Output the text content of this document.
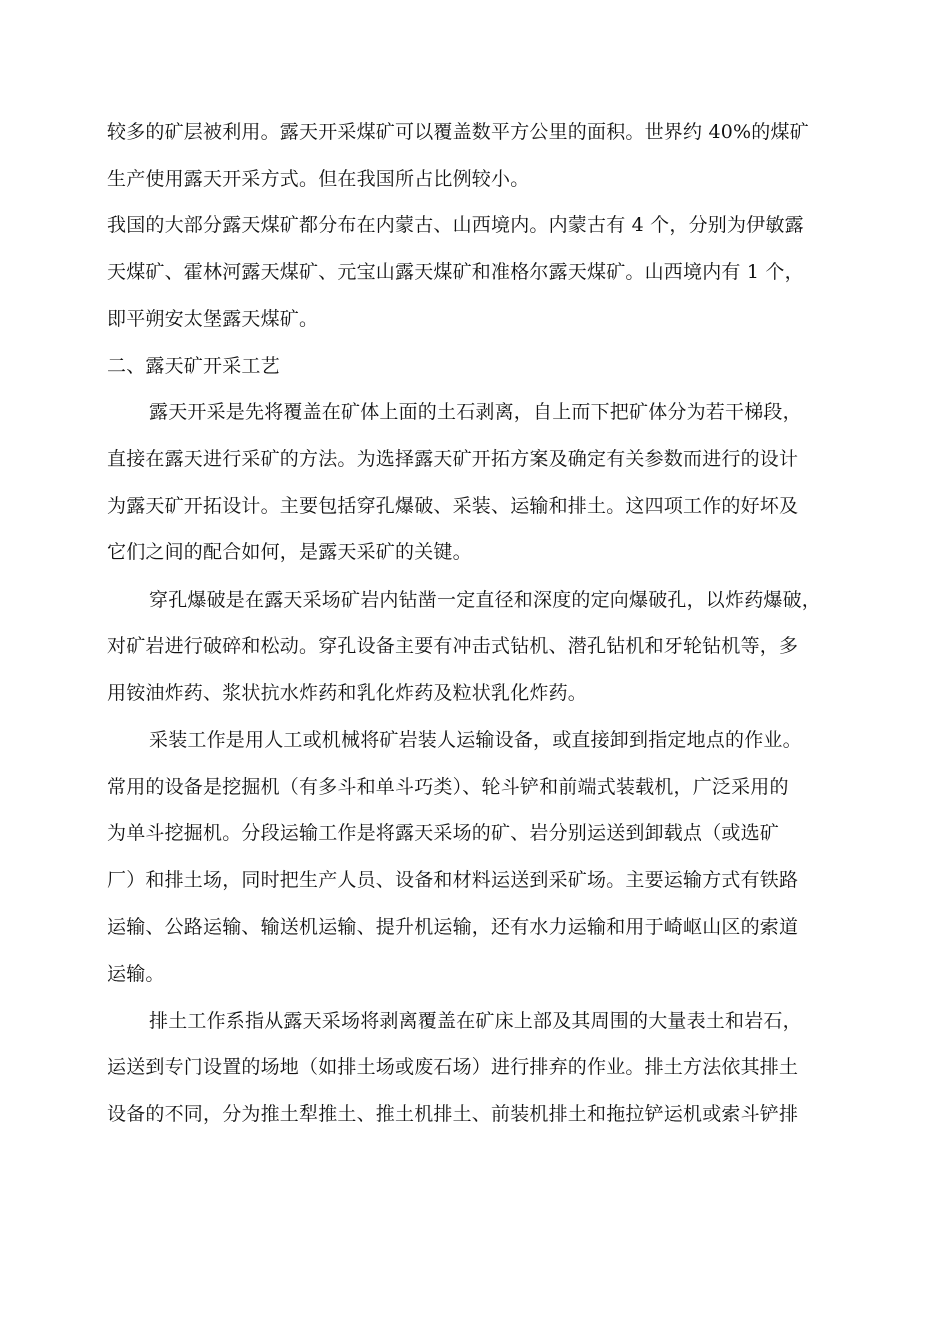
较多的矿层被利用。露天开采煤矿可以覆盖数平方公里的面积。世界约 40%的煤矿
生产使用露天开采方式。但在我国所占比例较小。
我国的大部分露天煤矿都分布在内蒙古、山西境内。内蒙古有 4 个，分别为伊敏露
天煤矿、霍林河露天煤矿、元宝山露天煤矿和准格尔露天煤矿。山西境内有 1 个，
即平朔安太堡露天煤矿。
二、露天矿开采工艺
露天开采是先将覆盖在矿体上面的土石剥离，自上而下把矿体分为若干梯段，
直接在露天进行采矿的方法。为选择露天矿开拓方案及确定有关参数而进行的设计
为露天矿开拓设计。主要包括穿孔爆破、采装、运输和排土。这四项工作的好坏及
它们之间的配合如何，是露天采矿的关键。
穿孔爆破是在露天采场矿岩内钻凿一定直径和深度的定向爆破孔，以炸药爆破，
对矿岩进行破碎和松动。穿孔设备主要有冲击式钻机、潜孔钻机和牙轮钻机等，多
用铵油炸药、浆状抗水炸药和乳化炸药及粒状乳化炸药。
采装工作是用人工或机械将矿岩装人运输设备，或直接卸到指定地点的作业。
常用的设备是挖掘机（有多斗和单斗巧类）、轮斗铲和前端式装载机，广泛采用的
为单斗挖掘机。分段运输工作是将露天采场的矿、岩分别运送到卸载点（或选矿
厂）和排土场，同时把生产人员、设备和材料运送到采矿场。主要运输方式有铁路
运输、公路运输、输送机运输、提升机运输，还有水力运输和用于崎岖山区的索道
运输。
排土工作系指从露天采场将剥离覆盖在矿床上部及其周围的大量表土和岩石，
运送到专门设置的场地（如排土场或废石场）进行排弃的作业。排土方法依其排土
设备的不同，分为推土犁推土、推土机排土、前装机排土和拖拉铲运机或索斗铲排
